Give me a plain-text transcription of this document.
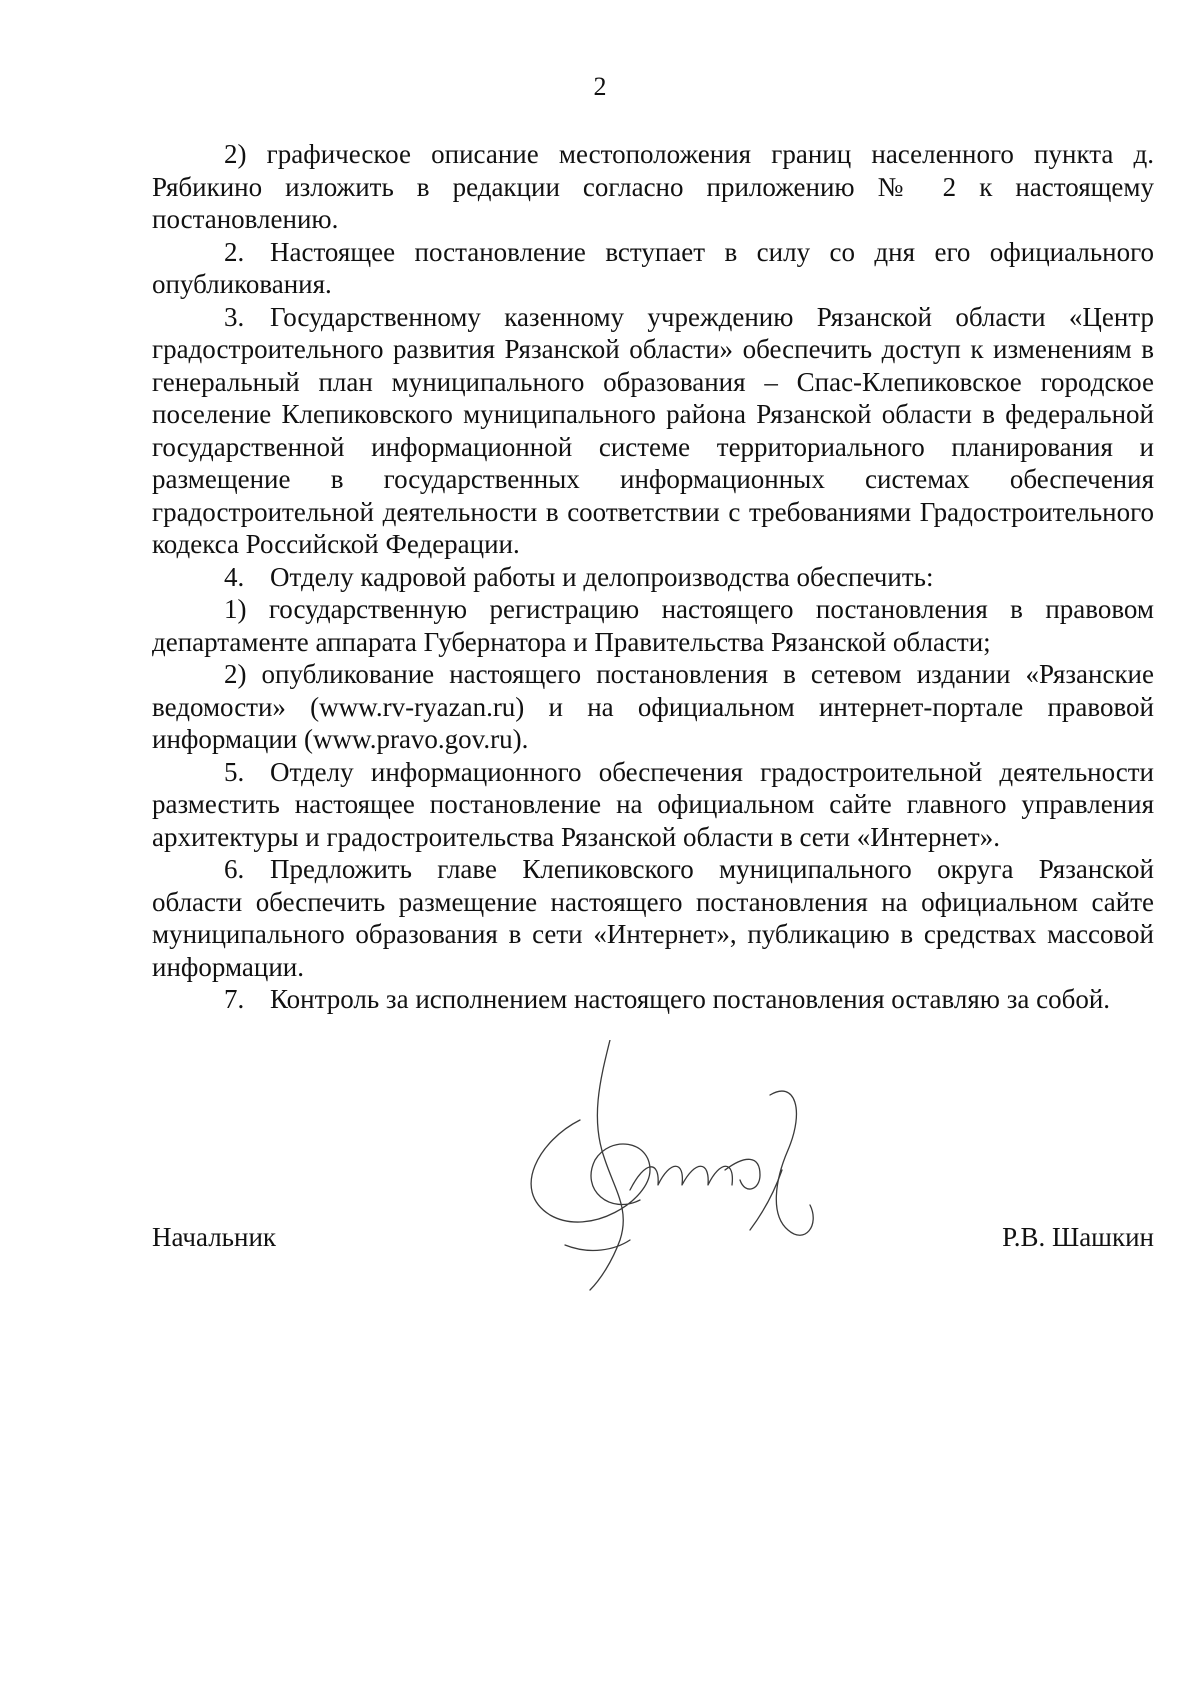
2

2) графическое описание местоположения границ населенного пункта д. Рябикино изложить в редакции согласно приложению № 2 к настоящему постановлению.

2. Настоящее постановление вступает в силу со дня его официального опубликования.

3. Государственному казенному учреждению Рязанской области «Центр градостроительного развития Рязанской области» обеспечить доступ к изменениям в генеральный план муниципального образования – Спас-Клепиковское городское поселение Клепиковского муниципального района Рязанской области в федеральной государственной информационной системе территориального планирования и размещение в государственных информационных системах обеспечения градостроительной деятельности в соответствии с требованиями Градостроительного кодекса Российской Федерации.

4. Отделу кадровой работы и делопроизводства обеспечить:

1) государственную регистрацию настоящего постановления в правовом департаменте аппарата Губернатора и Правительства Рязанской области;

2) опубликование настоящего постановления в сетевом издании «Рязанские ведомости» (www.rv-ryazan.ru) и на официальном интернет-портале правовой информации (www.pravo.gov.ru).

5. Отделу информационного обеспечения градостроительной деятельности разместить настоящее постановление на официальном сайте главного управления архитектуры и градостроительства Рязанской области в сети «Интернет».

6. Предложить главе Клепиковского муниципального округа Рязанской области обеспечить размещение настоящего постановления на официальном сайте муниципального образования в сети «Интернет», публикацию в средствах массовой информации.

7. Контроль за исполнением настоящего постановления оставляю за собой.

Начальник	Р.В. Шашкин
